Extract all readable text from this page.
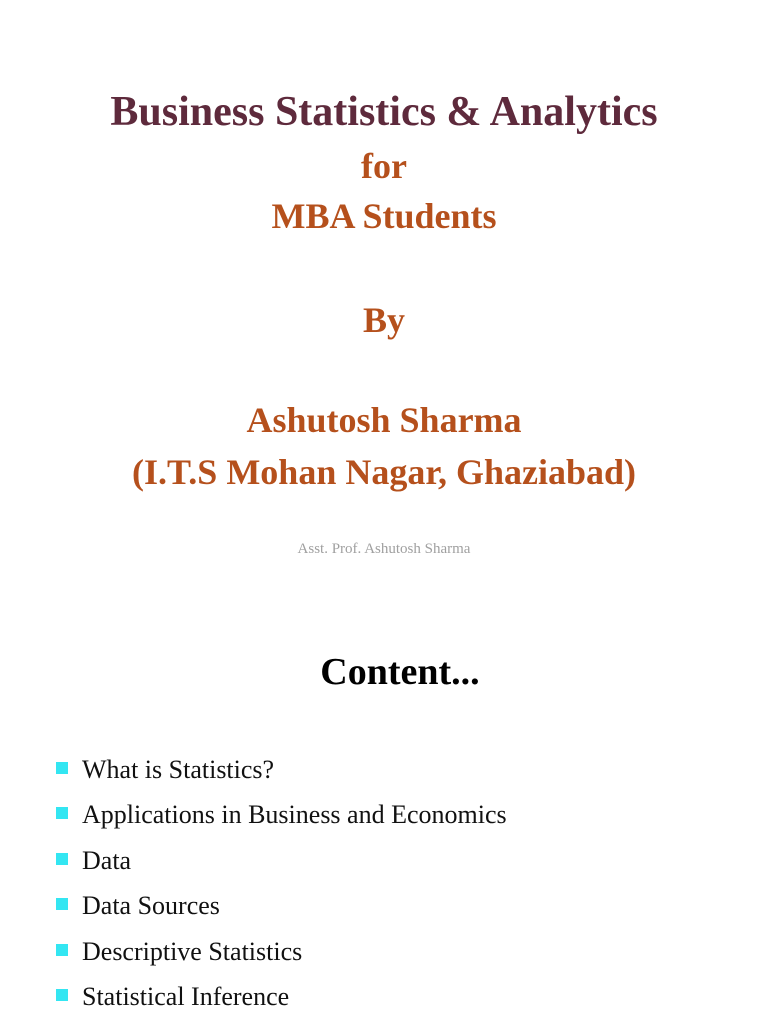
Business Statistics & Analytics
for
MBA Students
By
Ashutosh Sharma
(I.T.S Mohan Nagar, Ghaziabad)
Asst. Prof. Ashutosh Sharma
Content...
What is Statistics?
Applications in Business and Economics
Data
Data Sources
Descriptive Statistics
Statistical Inference
